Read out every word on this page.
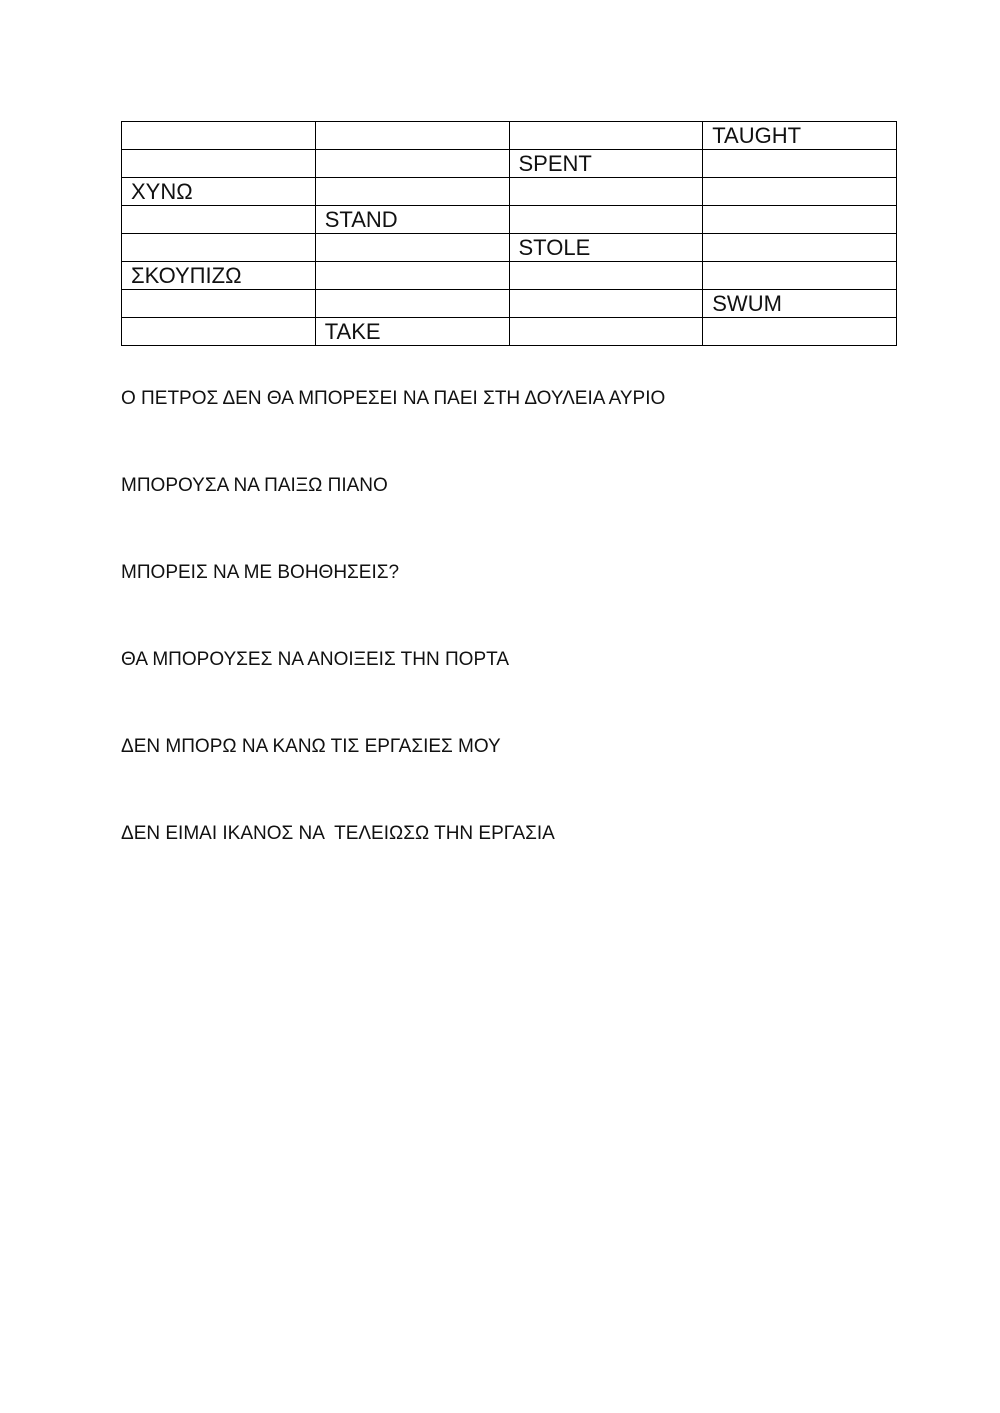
			TAUGHT
		SPENT	
ΧΥΝΩ			
	STAND		
		STOLE	
ΣΚΟΥΠΙΖΩ			
			SWUM
	TAKE		
Ο ΠΕΤΡΟΣ ΔΕΝ ΘΑ ΜΠΟΡΕΣΕΙ ΝΑ ΠΑΕΙ ΣΤΗ ΔΟΥΛΕΙΑ ΑΥΡΙΟ
ΜΠΟΡΟΥΣΑ ΝΑ ΠΑΙΞΩ ΠΙΑΝΟ
ΜΠΟΡΕΙΣ ΝΑ ΜΕ ΒΟΗΘΗΣΕΙΣ?
ΘΑ ΜΠΟΡΟΥΣΕΣ ΝΑ ΑΝΟΙΞΕΙΣ ΤΗΝ ΠΟΡΤΑ
ΔΕΝ ΜΠΟΡΩ ΝΑ ΚΑΝΩ ΤΙΣ ΕΡΓΑΣΙΕΣ ΜΟΥ
ΔΕΝ ΕΙΜΑΙ ΙΚΑΝΟΣ ΝΑ  ΤΕΛΕΙΩΣΩ ΤΗΝ ΕΡΓΑΣΙΑ
